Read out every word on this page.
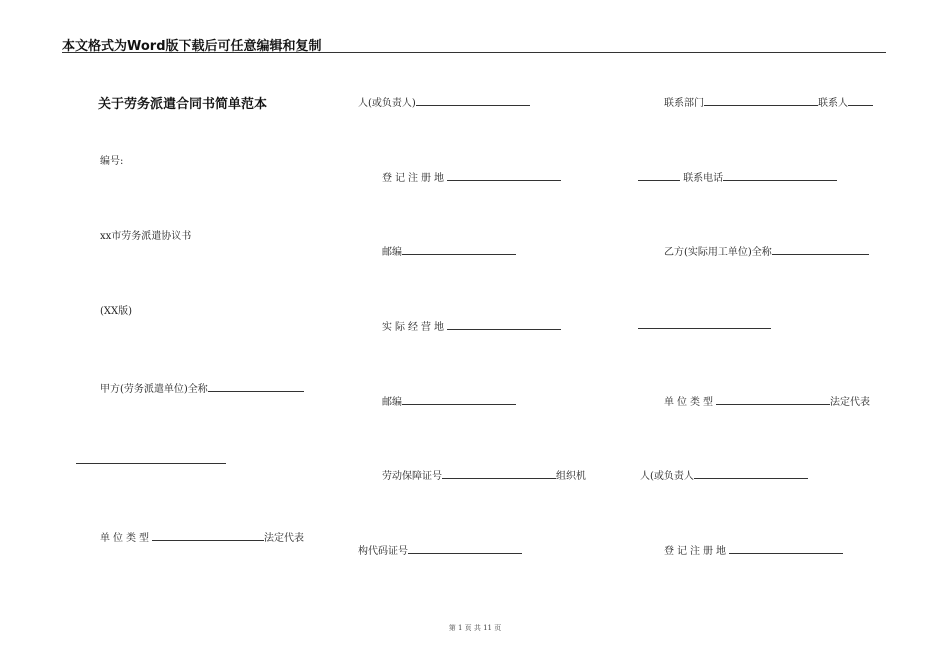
本文格式为Word版下载后可任意编辑和复制
关于劳务派遣合同书简单范本
编号:
xx市劳务派遣协议书
(XX版)
甲方(劳务派遣单位)全称
单位类型	法定代表
人(或负责人)
登记注册地
邮编
实际经营地
邮编
劳动保障证号	组织机
构代码证号
联系部门	联系人
联系电话
乙方(实际用工单位)全称
单位类型	法定代表
人(或负责人
登记注册地
第 1 页 共 11 页
